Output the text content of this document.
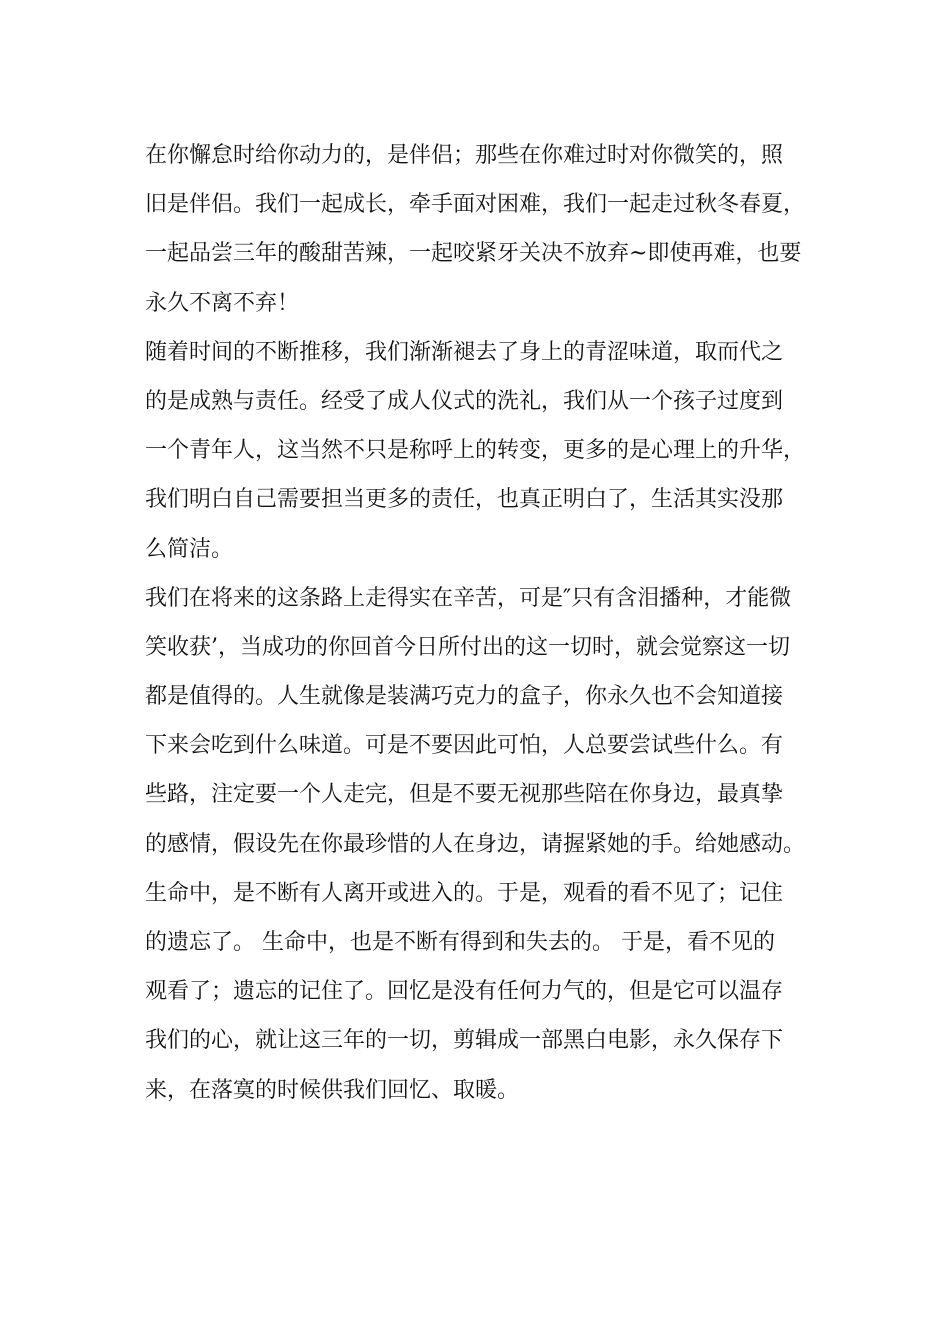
在你懈怠时给你动力的，是伴侣；那些在你难过时对你微笑的，照
旧是伴侣。我们一起成长，牵手面对困难，我们一起走过秋冬春夏，
一起品尝三年的酸甜苦辣，一起咬紧牙关决不放弃~即使再难，也要
永久不离不弃！
随着时间的不断推移，我们渐渐褪去了身上的青涩味道，取而代之
的是成熟与责任。经受了成人仪式的洗礼，我们从一个孩子过度到
一个青年人，这当然不只是称呼上的转变，更多的是心理上的升华，
我们明白自己需要担当更多的责任，也真正明白了，生活其实没那
么简洁。
我们在将来的这条路上走得实在辛苦，可是″只有含泪播种，才能微
笑收获’，当成功的你回首今日所付出的这一切时，就会觉察这一切
都是值得的。人生就像是装满巧克力的盒子，你永久也不会知道接
下来会吃到什么味道。可是不要因此可怕，人总要尝试些什么。有
些路，注定要一个人走完，但是不要无视那些陪在你身边，最真挚
的感情，假设先在你最珍惜的人在身边，请握紧她的手。给她感动。
生命中，是不断有人离开或进入的。于是，观看的看不见了；记住
的遗忘了。 生命中，也是不断有得到和失去的。 于是，看不见的
观看了；遗忘的记住了。回忆是没有任何力气的，但是它可以温存
我们的心，就让这三年的一切，剪辑成一部黑白电影，永久保存下
来，在落寞的时候供我们回忆、取暖。
